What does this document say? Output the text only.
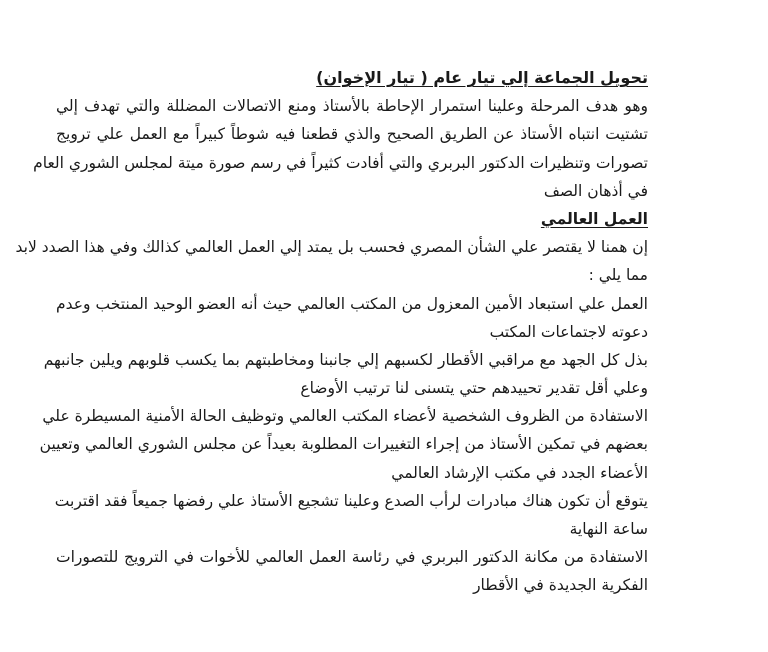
تحويل الجماعة إلي تيار عام ( تيار الإخوان)
وهو هدف المرحلة وعلينا استمرار الإحاطة بالأستاذ ومنع الاتصالات المضللة والتي تهدف إلي
تشتيت انتباه الأستاذ عن الطريق الصحيح والذي قطعنا فيه شوطاً كبيراً مع العمل علي ترويج
تصورات وتنظيرات الدكتور البربري والتي أفادت كثيراً في رسم صورة ميتة لمجلس الشوري العام
في أذهان الصف
العمل العالمي
إن همنا لا يقتصر علي الشأن المصري فحسب بل يمتد إلي العمل العالمي كذالك وفي هذا الصدد لابد
مما يلي :
العمل علي استبعاد الأمين المعزول من المكتب العالمي حيث أنه العضو الوحيد المنتخب وعدم
دعوته لاجتماعات المكتب
بذل كل الجهد مع مراقبي الأقطار لكسبهم إلي جانبنا ومخاطبتهم بما يكسب قلوبهم ويلين جانبهم
وعلي أقل تقدير تحييدهم حتي يتسنى لنا ترتيب الأوضاع
الاستفادة من الظروف الشخصية لأعضاء المكتب العالمي وتوظيف الحالة الأمنية المسيطرة علي
بعضهم في تمكين الأستاذ من إجراء التغييرات المطلوبة بعيداً عن مجلس الشوري العالمي وتعيين
الأعضاء الجدد في مكتب الإرشاد العالمي
يتوقع أن تكون هناك مبادرات لرأب الصدع وعلينا تشجيع الأستاذ علي رفضها جميعاً فقد اقتربت
ساعة النهاية
الاستفادة من مكانة الدكتور البربري في رئاسة العمل العالمي للأخوات في الترويج للتصورات
الفكرية الجديدة في الأقطار
